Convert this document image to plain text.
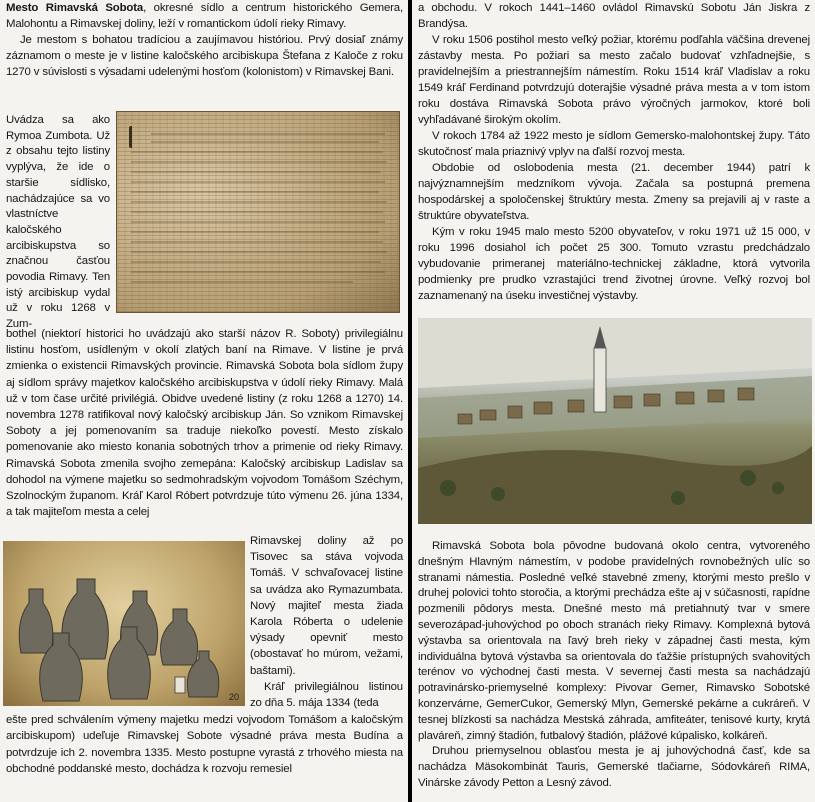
Mesto Rimavská Sobota, okresné sídlo a centrum historického Gemera, Malohontu a Rimavskej doliny, leží v romantickom údolí rieky Rimavy.

Je mestom s bohatou tradíciou a zaujímavou históriou. Prvý dosiaľ známy záznamom o meste je v listine kaločského arcibiskupa Štefana z Kaloče z roku 1270 v súvislosti s výsadami udelenými hosťom (kolonistom) v Rimavskej Bani.

Uvádza sa ako Rymoa Zumbota. Už z obsahu tejto listiny vyplýva, že ide o staršie sídlisko, nachádzajúce sa vo vlastníctve kaločského arcibiskupstva so značnou časťou povodia Rimavy. Ten istý arcibiskup vydal už v roku 1268 v Zum-
bothel (niektorí historici ho uvádzajú ako starší názov R. Soboty) privilegiálnu listinu hosťom, usídleným v okolí zlatých baní na Rimave. V listine je prvá zmienka o existencii Rimavských provincie. Rimavská Sobota bola sídlom župy aj sídlom správy majetkov kaločského arcibiskupstva v údolí rieky Rimavy. Malá už v tom čase určité privilégiá. Obidve uvedené listiny (z roku 1268 a 1270) 14. novembra 1278 ratifikoval nový kaločský arcibiskup Ján. So vznikom Rimavskej Soboty a jej pomenovaním sa traduje niekoľko povestí. Mesto získalo pomenovanie ako miesto konania sobotných trhov a primenie od rieky Rimavy. Rimavská Sobota zmenila svojho zemepána: Kaločský arcibiskup Ladislav sa dohodol na výmene majetku so sedmohradským vojvodom Tomášom Széchym, Szolnockým županom. Kráľ Karol Róbert potvrdzuje túto výmenu 26. júna 1334, a tak majiteľom mesta a celej
20

Rimavskej doliny až po Tisovec sa stáva vojvoda Tomáš. V schvaľovacej listine sa uvádza ako Rymazumbata. Nový majiteľ mesta žiada Karola Róberta o udelenie výsady opevniť mesto (obostavať ho múrom, vežami, baštami).

Kráľ privilegiálnou listinou zo dňa 5. mája 1334 (teda

ešte pred schválením výmeny majetku medzi vojvodom Tomášom a kaločským arcibiskupom) udeľuje Rimavskej Sobote výsadné práva mesta Budína a potvrdzuje ich 2. novembra 1335. Mesto postupne vyrastá z trhového miesta na obchodné poddanské mesto, dochádza k rozvoju remesiel

a obchodu. V rokoch 1441–1460 ovládol Rimavskú Sobotu Ján Jiskra z Brandýsa.

V roku 1506 postihol mesto veľký požiar, ktorému podľahla väčšina drevenej zástavby mesta. Po požiari sa mesto začalo budovať vzhľadnejšie, s pravidelnejším a priestrannejším námestím. Roku 1514 kráľ Vladislav a roku 1549 kráľ Ferdinand potvrdzujú doterajšie výsadné práva mesta a v tom istom roku dostáva Rimavská Sobota právo výročných jarmokov, ktoré boli vyhľadávané širokým okolím.

V rokoch 1784 až 1922 mesto je sídlom Gemersko-malohontskej župy. Táto skutočnosť mala priaznivý vplyv na ďalší rozvoj mesta.

Obdobie od oslobodenia mesta (21. december 1944) patrí k najvýznamnejším medzníkom vývoja. Začala sa postupná premena hospodárskej a spoločenskej štruktúry mesta. Zmeny sa prejavili aj v raste a štruktúre obyvateľstva.

Kým v roku 1945 malo mesto 5200 obyvateľov, v roku 1971 už 15 000, v roku 1996 dosiahol ich počet 25 300. Tomuto vzrastu predchádzalo vybudovanie primeranej materiálno-technickej základne, ktorá vytvorila podmienky pre prudko vzrastajúci trend životnej úrovne. Veľký rozvoj bol zaznamenaný na úseku investičnej výstavby.

Rimavská Sobota bola pôvodne budovaná okolo centra, vytvoreného dnešným Hlavným námestím, v podobe pravidelných rovnobežných ulíc so stranami námestia. Posledné veľké stavebné zmeny, ktorými mesto prešlo v druhej polovici tohto storočia, a ktorými prechádza ešte aj v súčasnosti, rapídne pozmenili pôdorys mesta. Dnešné mesto má pretiahnutý tvar v smere severozápad-juhovýchod po oboch stranách rieky Rimavy. Komplexná bytová výstavba sa orientovala na ľavý breh rieky v západnej časti mesta, kým individuálna bytová výstavba sa orientovala do ťažšie prístupných svahovitých terénov vo východnej časti mesta. V severnej časti mesta sa nachádzajú potravinársko-priemyselné komplexy: Pivovar Gemer, Rimavsko Sobotské konzervárne, GemerCukor, Gemerský Mlyn, Gemerské pekárne a cukráreň. V tesnej blízkosti sa nachádza Mestská záhrada, amfiteáter, tenisové kurty, krytá plaváreň, zimný štadión, futbalový štadión, plážové kúpalisko, kolkáreň.

Druhou priemyselnou oblasťou mesta je aj juhovýchodná časť, kde sa nachádza Mäsokombinát Tauris, Gemerské tlačiarne, Sódovkáreň RIMA, Vinárske závody Petton a Lesný závod.
